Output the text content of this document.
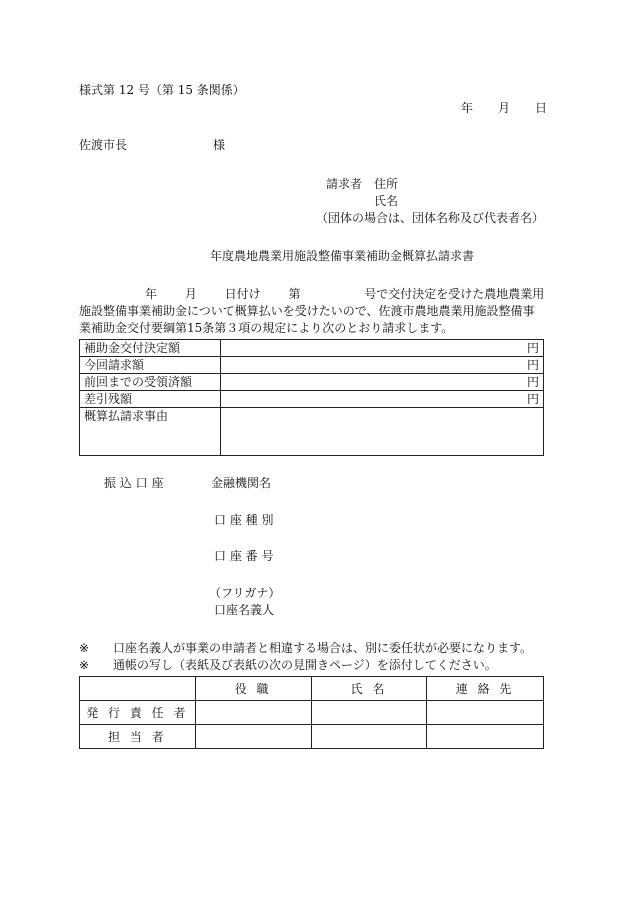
様式第 12 号（第 15 条関係）
年 月 日
佐渡市長	様
請求者 住所
氏名
（団体の場合は、団体名称及び代表者名）
年度農地農業用施設整備事業補助金概算払請求書
年　　 月　　 日付け　　 第　　　　　 号で交付決定を受けた農地農業用
施設整備事業補助金について概算払いを受けたいので、佐渡市農地農業用施設整備事
業補助金交付要綱第15条第３項の規定により次のとおり請求します。
補助金交付決定額	円
今回請求額	円
前回までの受領済額	円
差引残額	円
概算払請求事由	
振 込 口 座	金融機関名
口 座 種 別
口 座 番 号
（フリガナ）
口座名義人
※ 口座名義人が事業の申請者と相違する場合は、別に委任状が必要になります。
※ 通帳の写し（表紙及び表紙の次の見開きページ）を添付してください。
	役 職	氏 名	連 絡 先
発 行 責 任 者			
担 当 者			
